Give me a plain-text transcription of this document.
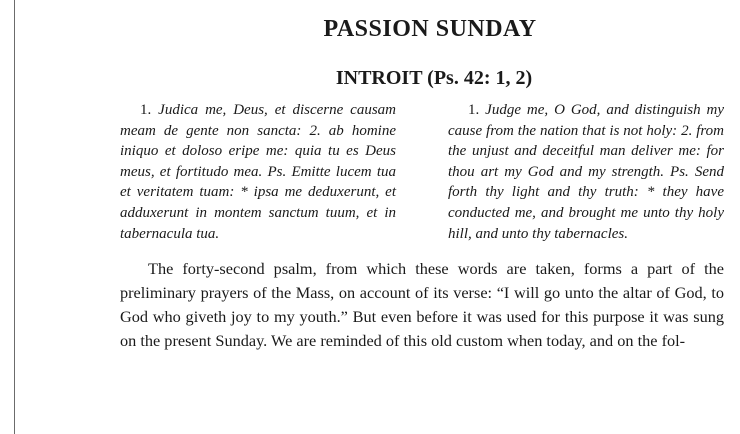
PASSION SUNDAY
INTROIT (Ps. 42: 1, 2)
1. Judica me, Deus, et discerne causam meam de gente non sancta: 2. ab homine iniquo et doloso eripe me: quia tu es Deus meus, et fortitudo mea. Ps. Emitte lucem tua et veritatem tuam: * ipsa me deduxerunt, et adduxerunt in montem sanctum tuum, et in tabernacula tua.
1. Judge me, O God, and distinguish my cause from the nation that is not holy: 2. from the unjust and deceitful man deliver me: for thou art my God and my strength. Ps. Send forth thy light and thy truth: * they have conducted me, and brought me unto thy holy hill, and unto thy tabernacles.

The forty-second psalm, from which these words are taken, forms a part of the preliminary prayers of the Mass, on account of its verse: “I will go unto the altar of God, to God who giveth joy to my youth.” But even before it was used for this purpose it was sung on the present Sunday. We are reminded of this old custom when today, and on the fol-
